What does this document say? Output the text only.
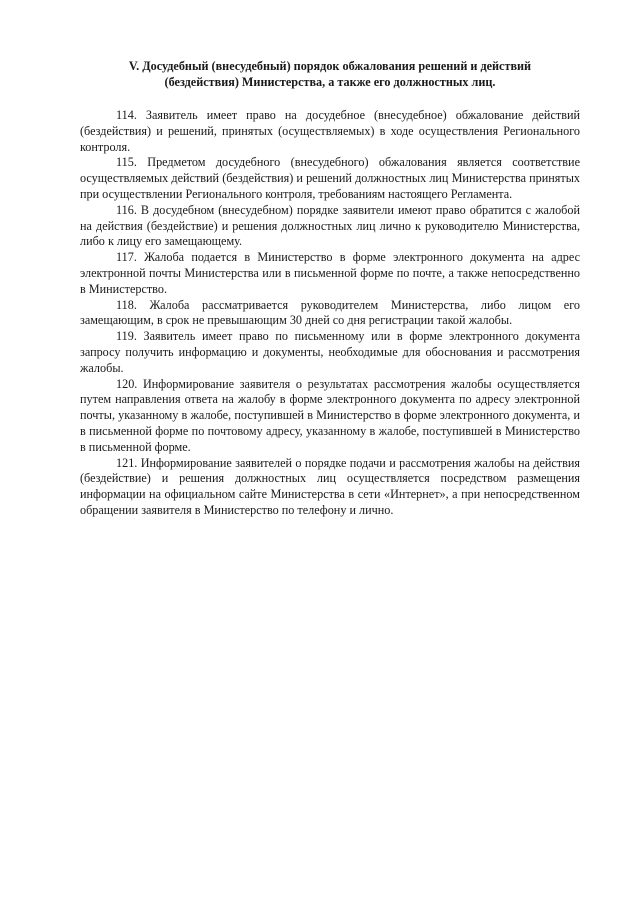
V. Досудебный (внесудебный) порядок обжалования решений и действий
(бездействия) Министерства, а также его должностных лиц.

114. Заявитель имеет право на досудебное (внесудебное) обжалование действий (бездействия) и решений, принятых (осуществляемых) в ходе осуществления Регионального контроля.

115. Предметом досудебного (внесудебного) обжалования является соответствие осуществляемых действий (бездействия) и решений должностных лиц Министерства принятых при осуществлении Регионального контроля, требованиям настоящего Регламента.

116. В досудебном (внесудебном) порядке заявители имеют право обратится с жалобой на действия (бездействие) и решения должностных лиц лично к руководителю Министерства, либо к лицу его замещающему.

117. Жалоба подается в Министерство в форме электронного документа на адрес электронной почты Министерства или в письменной форме по почте, а также непосредственно в Министерство.

118. Жалоба рассматривается руководителем Министерства, либо лицом его замещающим, в срок не превышающим 30 дней со дня регистрации такой жалобы.

119. Заявитель имеет право по письменному или в форме электронного документа запросу получить информацию и документы, необходимые для обоснования и рассмотрения жалобы.

120. Информирование заявителя о результатах рассмотрения жалобы осуществляется путем направления ответа на жалобу в форме электронного документа по адресу электронной почты, указанному в жалобе, поступившей в Министерство в форме электронного документа, и в письменной форме по почтовому адресу, указанному в жалобе, поступившей в Министерство в письменной форме.

121. Информирование заявителей о порядке подачи и рассмотрения жалобы на действия (бездействие) и решения должностных лиц осуществляется посредством размещения информации на официальном сайте Министерства в сети «Интернет», а при непосредственном обращении заявителя в Министерство по телефону и лично.
